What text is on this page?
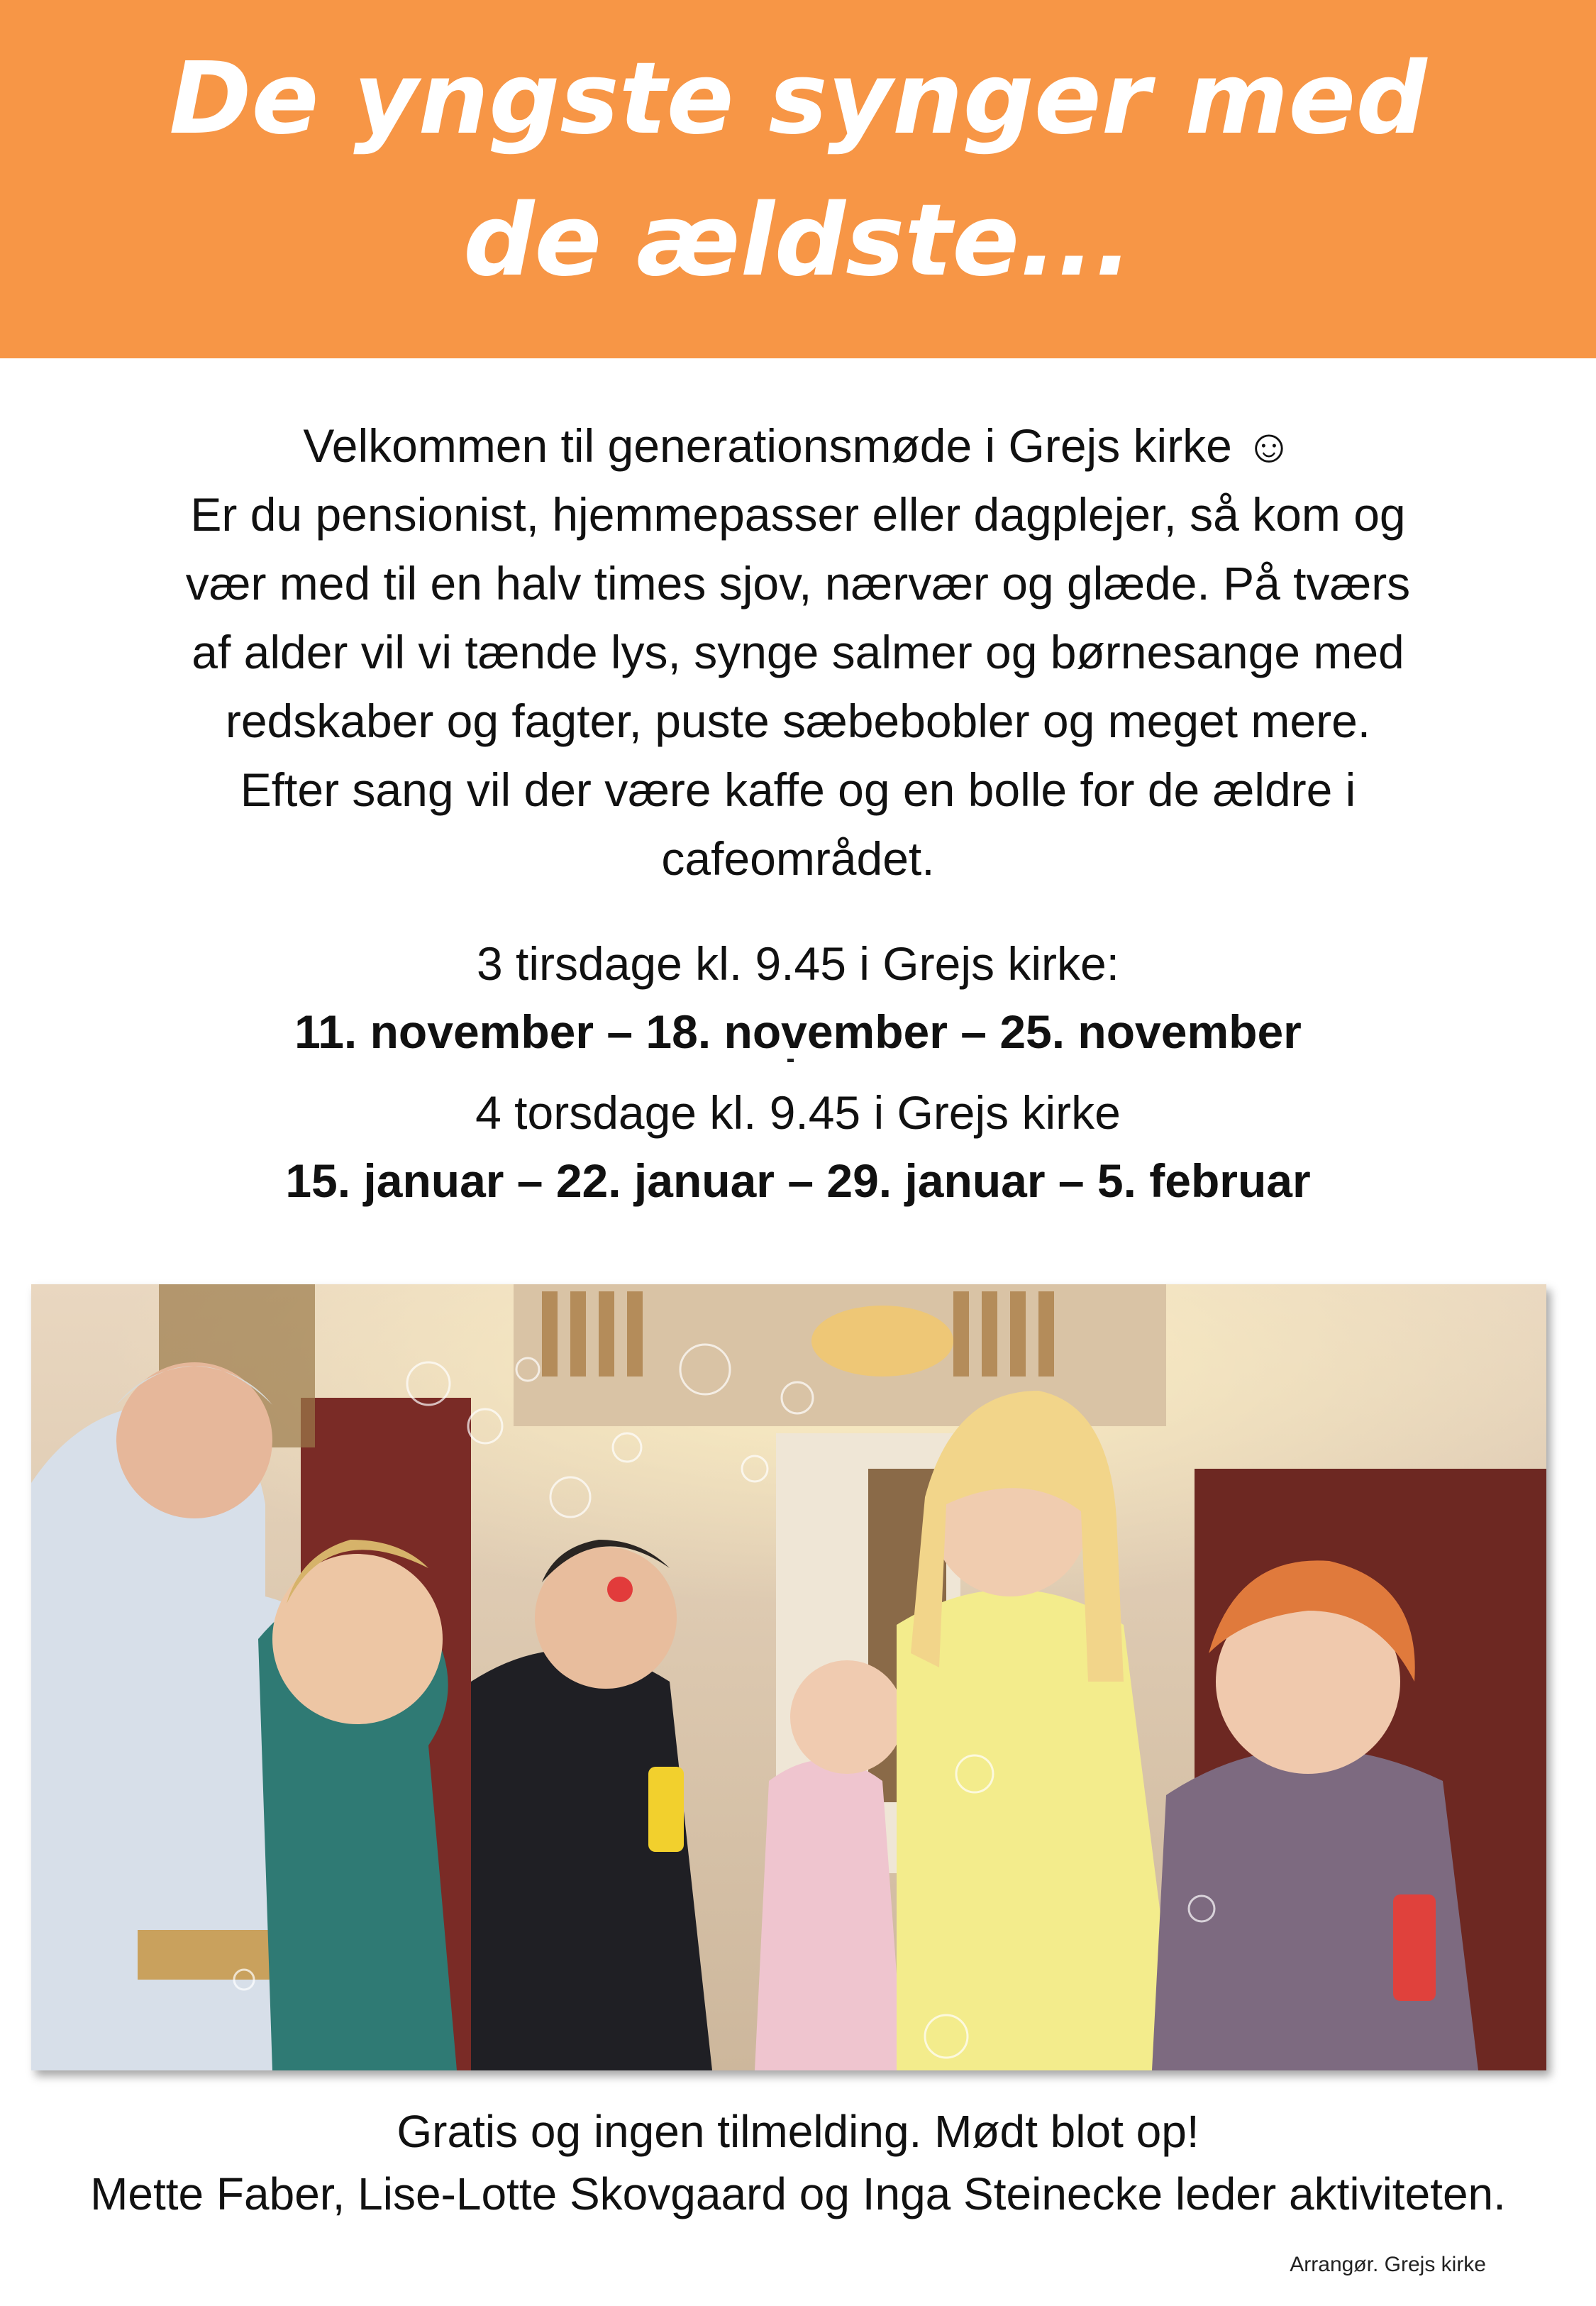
De yngste synger med
de ældste...

Velkommen til generationsmøde i Grejs kirke ☺
Er du pensionist, hjemmepasser eller dagplejer, så kom og
vær med til en halv times sjov, nærvær og glæde. På tværs
af alder vil vi tænde lys, synge salmer og børnesange med
redskaber og fagter, puste sæbebobler og meget mere.
Efter sang vil der være kaffe og en bolle for de ældre i
cafeområdet.

3 tirsdage kl. 9.45 i Grejs kirke:
11. november – 18. november – 25. november

4 torsdage kl. 9.45 i Grejs kirke
15. januar – 22. januar – 29. januar – 5. februar

Gratis og ingen tilmelding. Mødt blot op!
Mette Faber, Lise-Lotte Skovgaard og Inga Steinecke leder aktiviteten.

Arrangør. Grejs kirke
